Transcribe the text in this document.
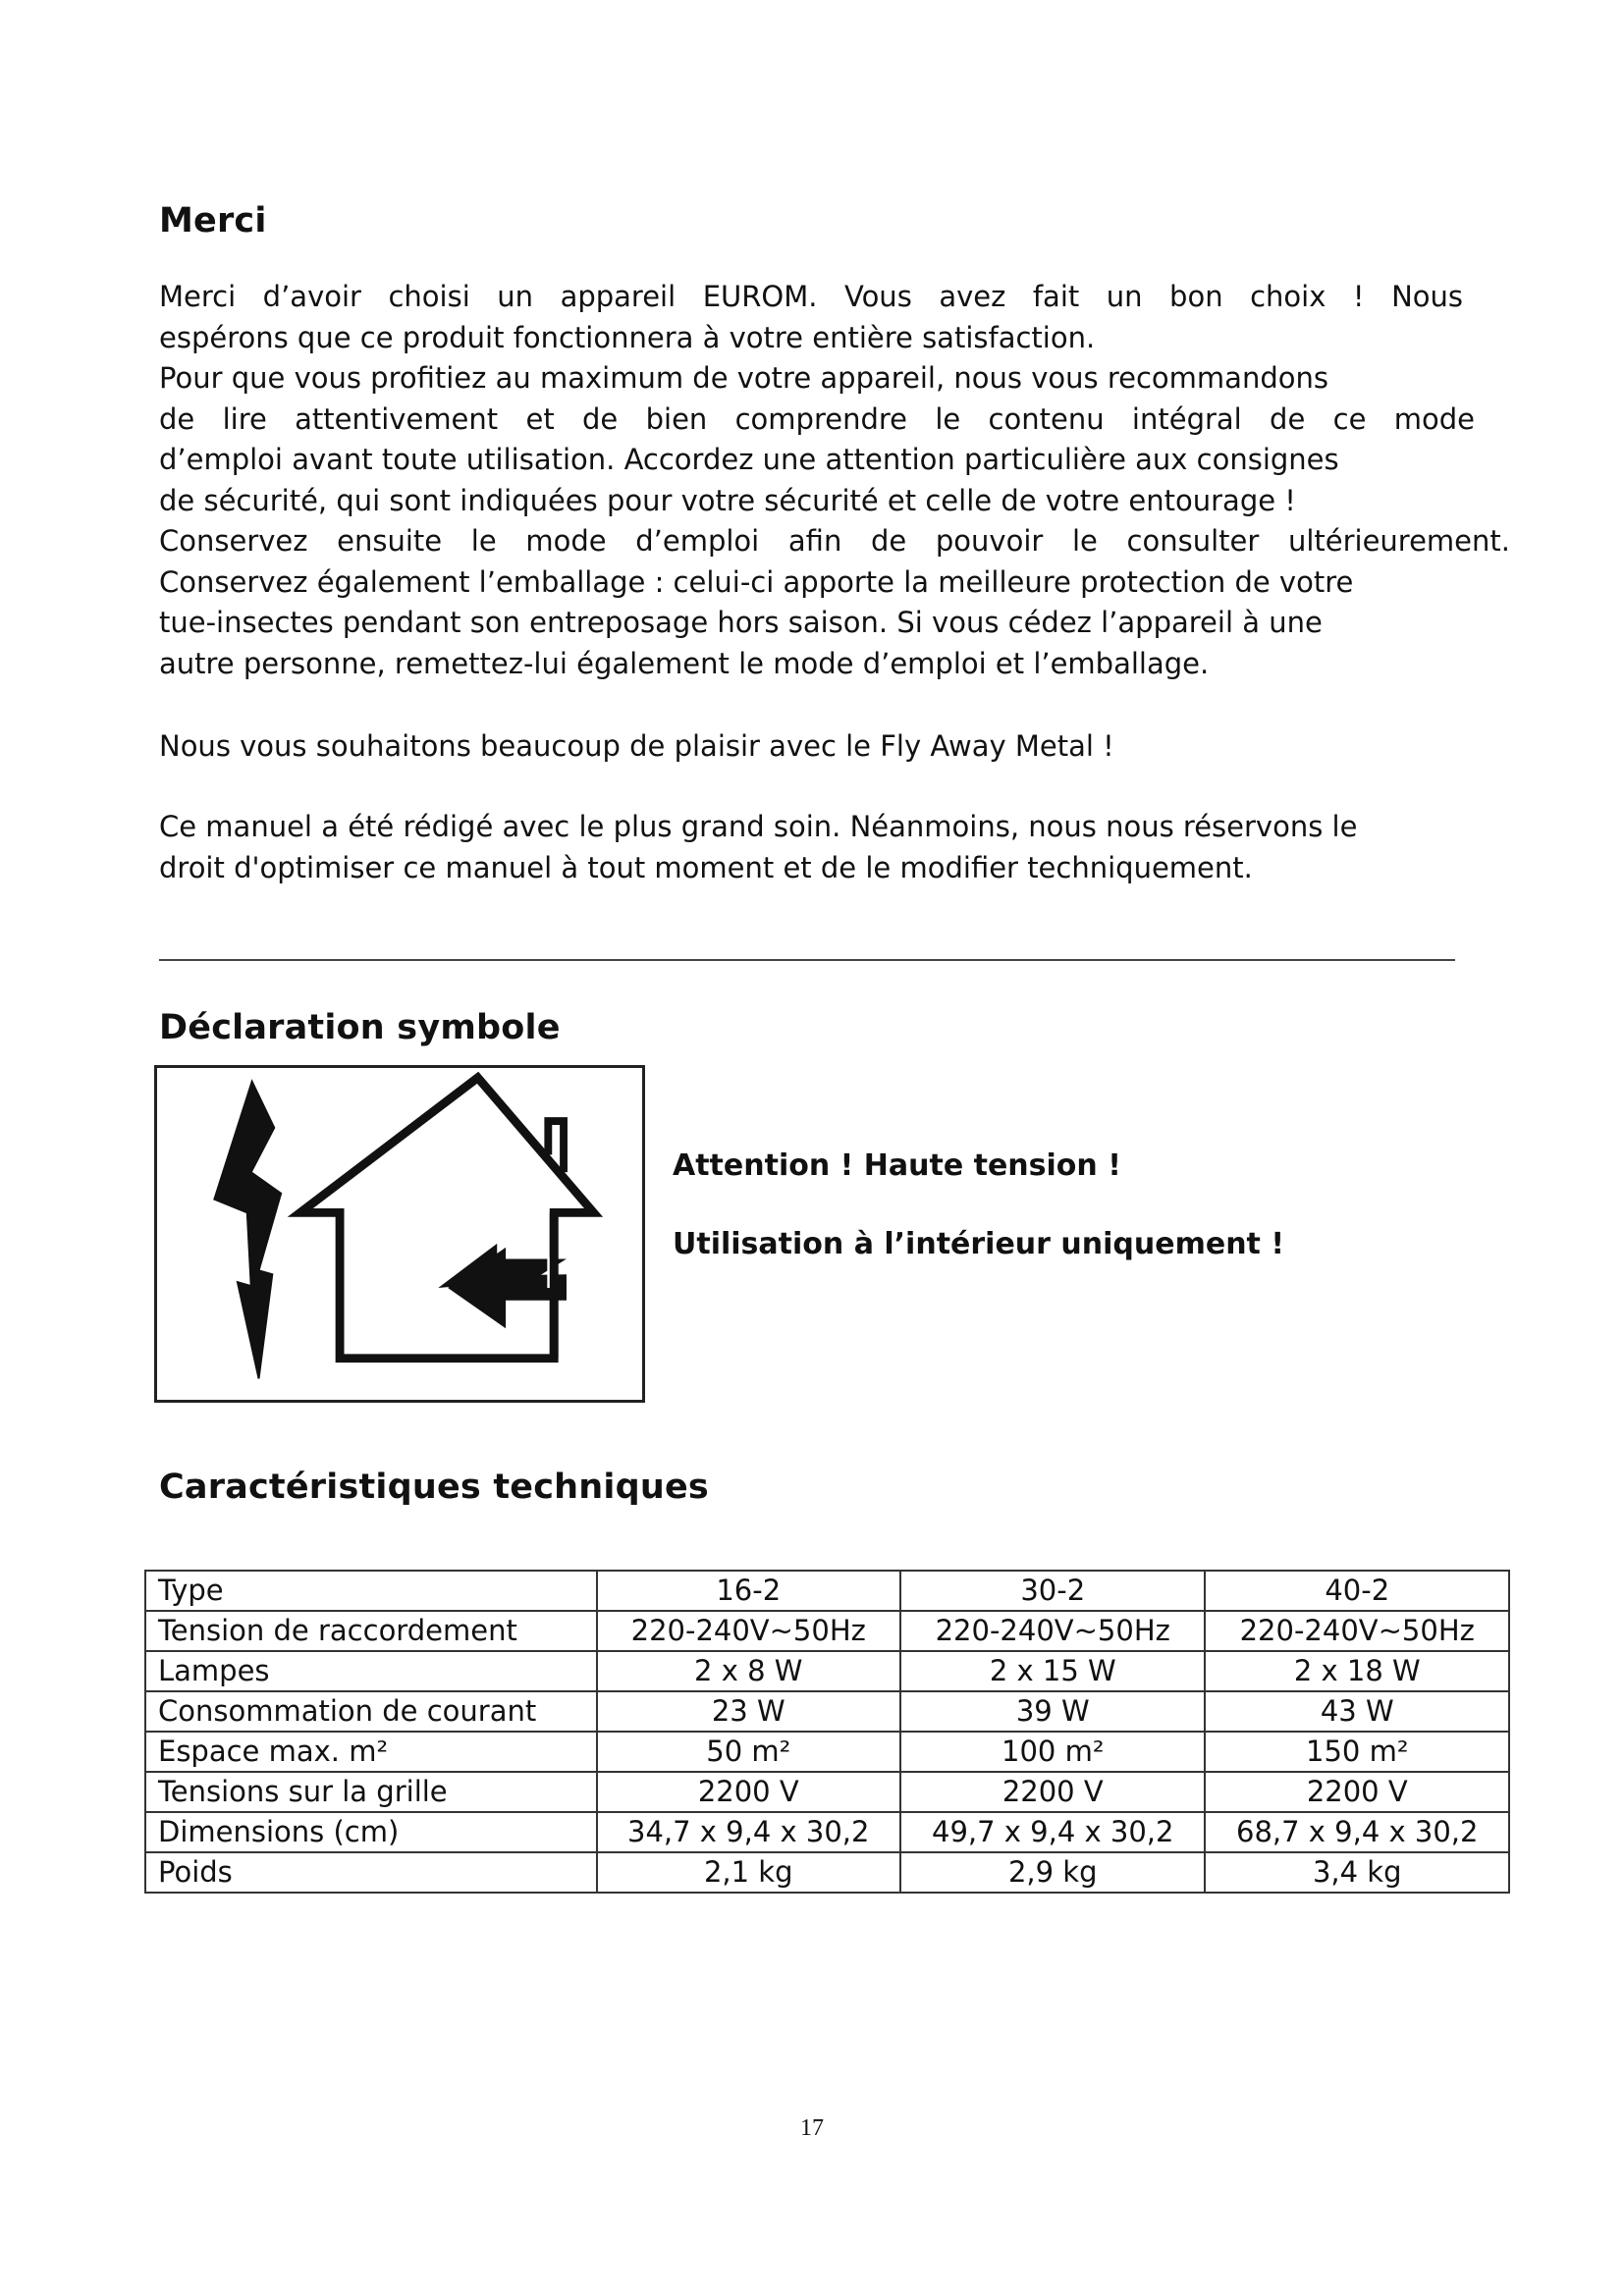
Merci
Merci d’avoir choisi un appareil EUROM. Vous avez fait un bon choix ! Nous
espérons que ce produit fonctionnera à votre entière satisfaction.
Pour que vous profitiez au maximum de votre appareil, nous vous recommandons
de lire attentivement et de bien comprendre le contenu intégral de ce mode
d’emploi avant toute utilisation. Accordez une attention particulière aux consignes
de sécurité, qui sont indiquées pour votre sécurité et celle de votre entourage !
Conservez ensuite le mode d’emploi afin de pouvoir le consulter ultérieurement.
Conservez également l’emballage : celui-ci apporte la meilleure protection de votre
tue-insectes pendant son entreposage hors saison. Si vous cédez l’appareil à une
autre personne, remettez-lui également le mode d’emploi et l’emballage.

Nous vous souhaitons beaucoup de plaisir avec le Fly Away Metal !

Ce manuel a été rédigé avec le plus grand soin. Néanmoins, nous nous réservons le
droit d'optimiser ce manuel à tout moment et de le modifier techniquement.
Déclaration symbole

Attention ! Haute tension !

Utilisation à l’intérieur uniquement !

Caractéristiques techniques
Type	16-2	30-2	40-2
Tension de raccordement	220-240V~50Hz	220-240V~50Hz	220-240V~50Hz
Lampes	2 x 8 W	2 x 15 W	2 x 18 W
Consommation de courant	23 W	39 W	43 W
Espace max. m²	50 m²	100 m²	150 m²
Tensions sur la grille	2200 V	2200 V	2200 V
Dimensions (cm)	34,7 x 9,4 x 30,2	49,7 x 9,4 x 30,2	68,7 x 9,4 x 30,2
Poids	2,1 kg	2,9 kg	3,4 kg
17
